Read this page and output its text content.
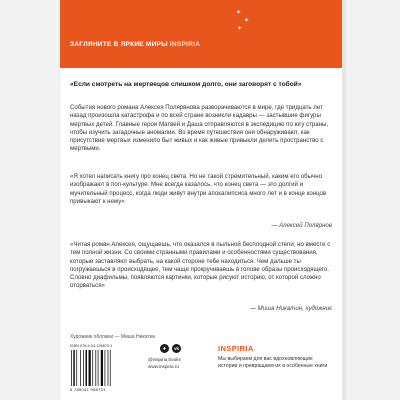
✦
✦
✦
ЗАГЛЯНИТЕ В ЯРКИЕ МИРЫ INSPIRIA

«Если смотреть на мертвецов слишком долго, они заговорят с тобой»

События нового романа Алексея Полярвнова разворачиваются в мире, где тридцать лет назад произошла катастрофа и по всей стране возникли кадавры — застывшие фигуры мертвых детей. Главные герои Матвей и Даша отправляются в экспедицию по югу страны, чтобы изучить загадочные аномалии. Во время путешествия они обнаруживают, как присутствие мертвых изменило быт живых и как живые привыкли делить пространство с мертвыми.

«Я хотел написать книгу про конец света. Но не такой стремительный, каким его обычно изображают в поп-культуре. Мне всегда казалось, что конец света — это долгий и мучительный процесс, когда люди живут внутри апокалипсиса много лет и в конце концов привыкают к нему»

— Алексей Полярнов

«Читая роман Алексея, ощущаешь, что оказался в пыльной бесплодной степи, но вместе с тем полной жизни. Со своими странными правилами и особенностями существования, которые заставляют выбрать, на какой стороне тебе находиться. Чем дальше ты погружаешься в происходящее, тем чаще прокручиваешь в голове образы происходящего. Словно диафильмы, появляются картинки, которые рисуют историю, от которой сложно оторваться»

— Миша Никатин, художник
Художник обложки — Миша Никатин
ISBN 978-5-04-195870-1
9 785041 958701
✈	vk
@inspiria.books
www.inspiria.ru
INSPIRIA

Мы выбираем для вас вдохновляющие истории и превращаем их в особенные книги
